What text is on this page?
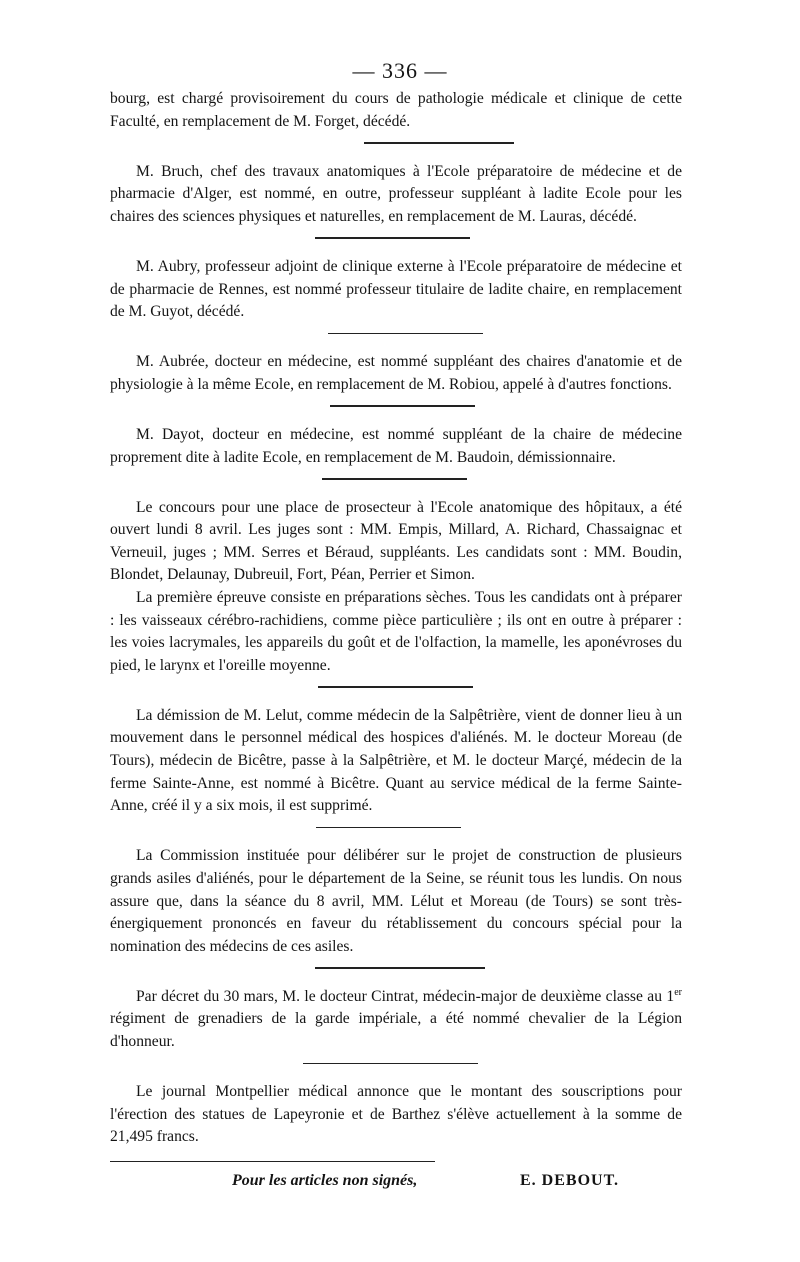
— 336 —

bourg, est chargé provisoirement du cours de pathologie médicale et clinique de cette Faculté, en remplacement de M. Forget, décédé.

M. Bruch, chef des travaux anatomiques à l'Ecole préparatoire de médecine et de pharmacie d'Alger, est nommé, en outre, professeur suppléant à ladite Ecole pour les chaires des sciences physiques et naturelles, en remplacement de M. Lauras, décédé.

M. Aubry, professeur adjoint de clinique externe à l'Ecole préparatoire de médecine et de pharmacie de Rennes, est nommé professeur titulaire de ladite chaire, en remplacement de M. Guyot, décédé.

M. Aubrée, docteur en médecine, est nommé suppléant des chaires d'anatomie et de physiologie à la même Ecole, en remplacement de M. Robiou, appelé à d'autres fonctions.

M. Dayot, docteur en médecine, est nommé suppléant de la chaire de médecine proprement dite à ladite Ecole, en remplacement de M. Baudoin, démissionnaire.

Le concours pour une place de prosecteur à l'Ecole anatomique des hôpitaux, a été ouvert lundi 8 avril. Les juges sont : MM. Empis, Millard, A. Richard, Chassaignac et Verneuil, juges ; MM. Serres et Béraud, suppléants. Les candidats sont : MM. Boudin, Blondet, Delaunay, Dubreuil, Fort, Péan, Perrier et Simon.

La première épreuve consiste en préparations sèches. Tous les candidats ont à préparer : les vaisseaux cérébro-rachidiens, comme pièce particulière ; ils ont en outre à préparer : les voies lacrymales, les appareils du goût et de l'olfaction, la mamelle, les aponévroses du pied, le larynx et l'oreille moyenne.

La démission de M. Lelut, comme médecin de la Salpêtrière, vient de donner lieu à un mouvement dans le personnel médical des hospices d'aliénés. M. le docteur Moreau (de Tours), médecin de Bicêtre, passe à la Salpêtrière, et M. le docteur Marçé, médecin de la ferme Sainte-Anne, est nommé à Bicêtre. Quant au service médical de la ferme Sainte-Anne, créé il y a six mois, il est supprimé.

La Commission instituée pour délibérer sur le projet de construction de plusieurs grands asiles d'aliénés, pour le département de la Seine, se réunit tous les lundis. On nous assure que, dans la séance du 8 avril, MM. Lélut et Moreau (de Tours) se sont très-énergiquement prononcés en faveur du rétablissement du concours spécial pour la nomination des médecins de ces asiles.

Par décret du 30 mars, M. le docteur Cintrat, médecin-major de deuxième classe au 1er régiment de grenadiers de la garde impériale, a été nommé chevalier de la Légion d'honneur.

Le journal Montpellier médical annonce que le montant des souscriptions pour l'érection des statues de Lapeyronie et de Barthez s'élève actuellement à la somme de 21,495 francs.

Pour les articles non signés,	E. DEBOUT.
